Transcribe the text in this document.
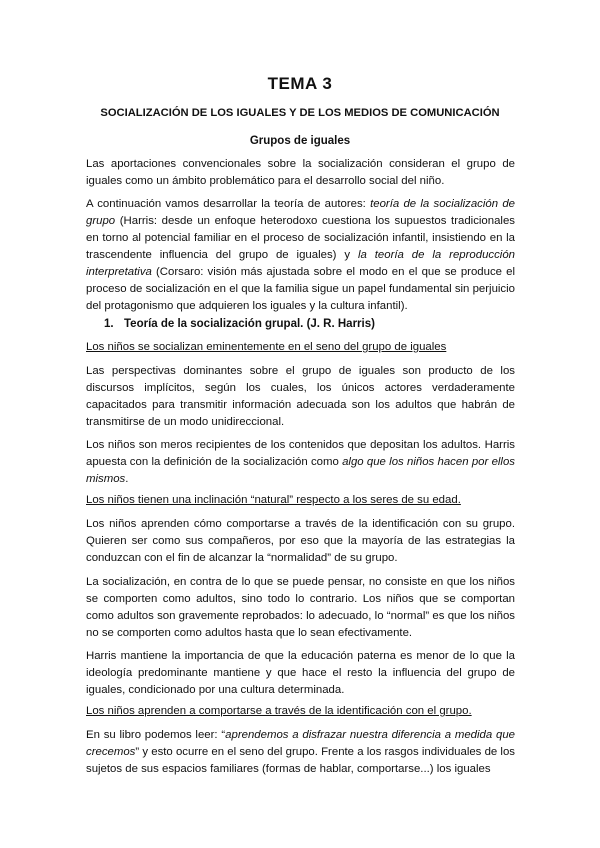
TEMA 3
SOCIALIZACIÓN DE LOS IGUALES Y DE LOS MEDIOS DE COMUNICACIÓN
Grupos de iguales

Las aportaciones convencionales sobre la socialización consideran el grupo de iguales como un ámbito problemático para el desarrollo social del niño.

A continuación vamos desarrollar la teoría de autores: teoría de la socialización de grupo (Harris: desde un enfoque heterodoxo cuestiona los supuestos tradicionales en torno al potencial familiar en el proceso de socialización infantil, insistiendo en la trascendente influencia del grupo de iguales) y la teoría de la reproducción interpretativa (Corsaro: visión más ajustada sobre el modo en el que se produce el proceso de socialización en el que la familia sigue un papel fundamental sin perjuicio del protagonismo que adquieren los iguales y la cultura infantil).

1. Teoría de la socialización grupal. (J. R. Harris)

Los niños se socializan eminentemente en el seno del grupo de iguales

Las perspectivas dominantes sobre el grupo de iguales son producto de los discursos implícitos, según los cuales, los únicos actores verdaderamente capacitados para transmitir información adecuada son los adultos que habrán de transmitirse de un modo unidireccional.

Los niños son meros recipientes de los contenidos que depositan los adultos. Harris apuesta con la definición de la socialización como algo que los niños hacen por ellos mismos.

Los niños tienen una inclinación “natural” respecto a los seres de su edad.

Los niños aprenden cómo comportarse a través de la identificación con su grupo. Quieren ser como sus compañeros, por eso que la mayoría de las estrategias la conduzcan con el fin de alcanzar la “normalidad” de su grupo.

La socialización, en contra de lo que se puede pensar, no consiste en que los niños se comporten como adultos, sino todo lo contrario. Los niños que se comportan como adultos son gravemente reprobados: lo adecuado, lo “normal” es que los niños no se comporten como adultos hasta que lo sean efectivamente.

Harris mantiene la importancia de que la educación paterna es menor de lo que la ideología predominante mantiene y que hace el resto la influencia del grupo de iguales, condicionado por una cultura determinada.

Los niños aprenden a comportarse a través de la identificación con el grupo.

En su libro podemos leer: “aprendemos a disfrazar nuestra diferencia a medida que crecemos” y esto ocurre en el seno del grupo. Frente a los rasgos individuales de los sujetos de sus espacios familiares (formas de hablar, comportarse...) los iguales
